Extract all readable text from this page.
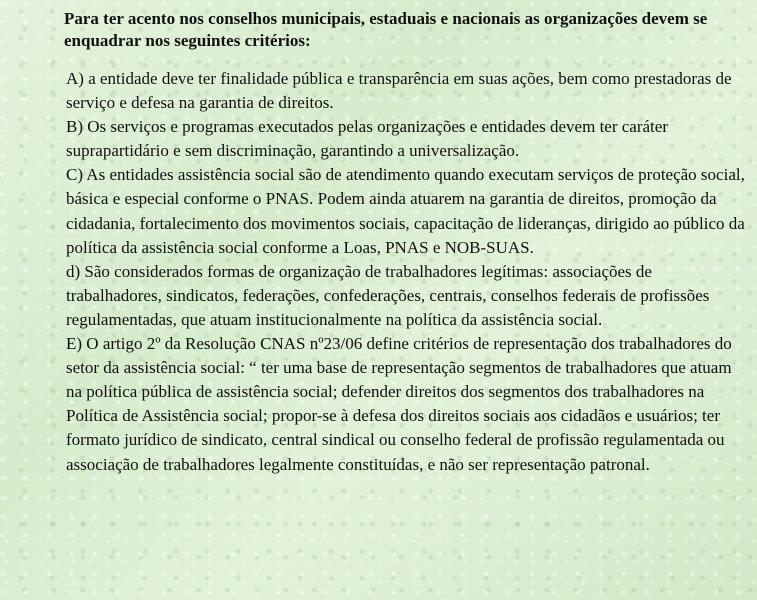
Para ter acento nos conselhos municipais, estaduais e nacionais as organizações devem se enquadrar nos seguintes critérios:

A) a entidade deve ter finalidade pública e transparência em suas ações, bem como prestadoras de serviço e defesa na garantia de direitos.
B) Os serviços e programas executados pelas organizações e entidades devem ter caráter suprapartidário e sem discriminação, garantindo a universalização.
C) As entidades assistência social são de atendimento quando executam serviços de proteção social, básica e especial conforme o PNAS. Podem ainda atuarem na garantia de direitos, promoção da cidadania, fortalecimento dos movimentos sociais, capacitação de lideranças, dirigido ao público da política da assistência social conforme a Loas, PNAS e NOB-SUAS.
d) São considerados formas de organização de trabalhadores legítimas: associações de trabalhadores, sindicatos, federações, confederações, centrais, conselhos federais de profissões regulamentadas, que atuam institucionalmente na política da assistência social.
E) O artigo 2º da Resolução CNAS nº23/06 define critérios de representação dos trabalhadores do setor da assistência social: “ ter uma base de representação segmentos de trabalhadores que atuam na política pública de assistência social; defender direitos dos segmentos dos trabalhadores na Política de Assistência social; propor-se à defesa dos direitos sociais aos cidadãos e usuários; ter formato jurídico de sindicato, central sindical ou conselho federal de profissão regulamentada ou associação de trabalhadores legalmente constituídas, e não ser representação patronal.
